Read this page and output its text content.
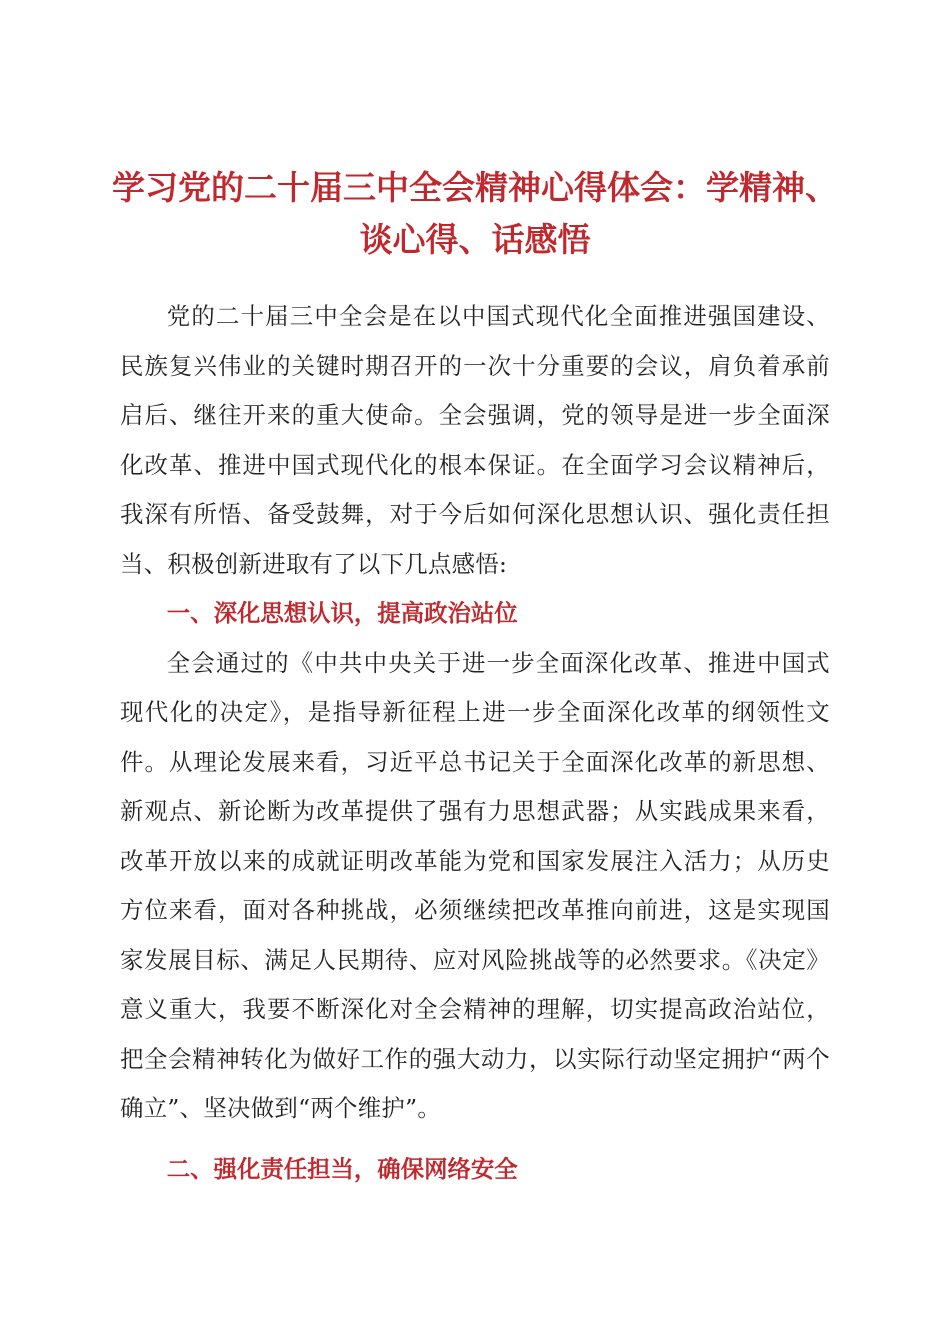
学习党的二十届三中全会精神心得体会：学精神、谈心得、话感悟

党的二十届三中全会是在以中国式现代化全面推进强国建设、民族复兴伟业的关键时期召开的一次十分重要的会议，肩负着承前启后、继往开来的重大使命。全会强调，党的领导是进一步全面深化改革、推进中国式现代化的根本保证。在全面学习会议精神后，我深有所悟、备受鼓舞，对于今后如何深化思想认识、强化责任担当、积极创新进取有了以下几点感悟:

一、深化思想认识，提高政治站位

全会通过的《中共中央关于进一步全面深化改革、推进中国式现代化的决定》，是指导新征程上进一步全面深化改革的纲领性文件。从理论发展来看，习近平总书记关于全面深化改革的新思想、新观点、新论断为改革提供了强有力思想武器；从实践成果来看，改革开放以来的成就证明改革能为党和国家发展注入活力；从历史方位来看，面对各种挑战，必须继续把改革推向前进，这是实现国家发展目标、满足人民期待、应对风险挑战等的必然要求。《决定》意义重大，我要不断深化对全会精神的理解，切实提高政治站位，把全会精神转化为做好工作的强大动力，以实际行动坚定拥护“两个确立”、坚决做到“两个维护”。

二、强化责任担当，确保网络安全
